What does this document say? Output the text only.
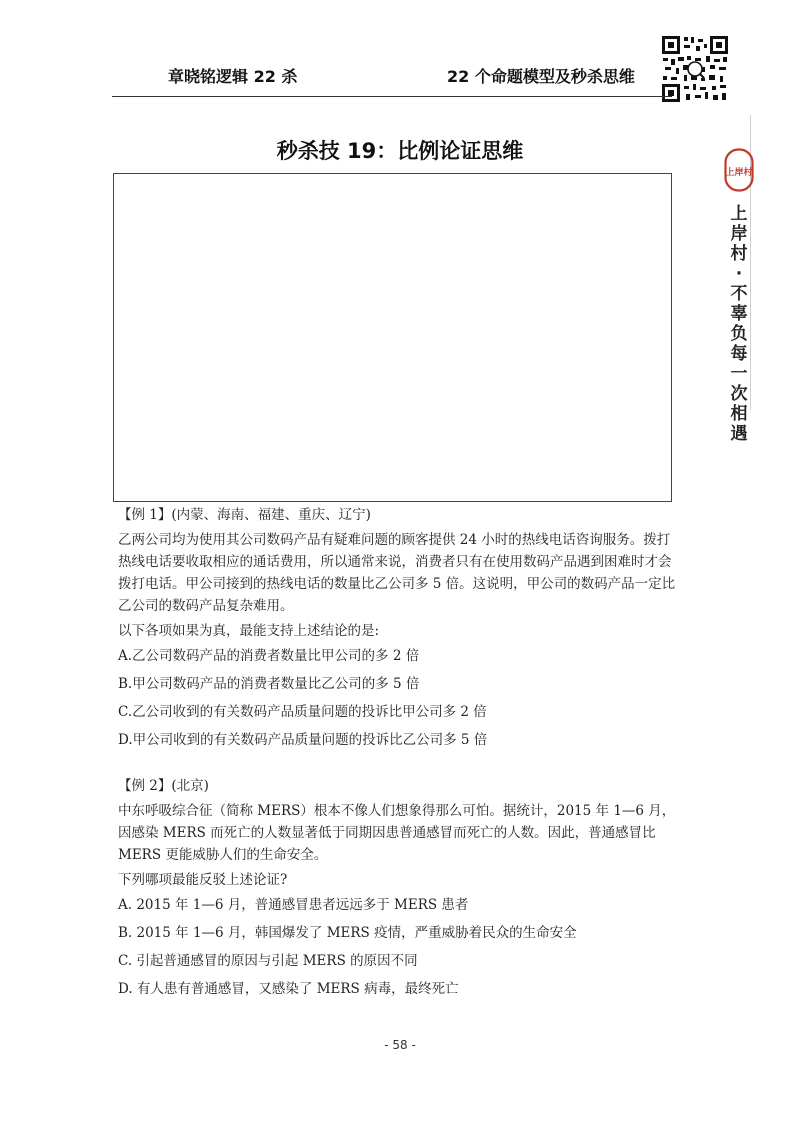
章晓铭逻辑 22 杀	22 个命题模型及秒杀思维
上岸村
上岸村·不辜负每一次相遇
秒杀技 19：比例论证思维

【例 1】(内蒙、海南、福建、重庆、辽宁)

乙两公司均为使用其公司数码产品有疑难问题的顾客提供 24 小时的热线电话咨询服务。拨打热线电话要收取相应的通话费用，所以通常来说，消费者只有在使用数码产品遇到困难时才会拨打电话。甲公司接到的热线电话的数量比乙公司多 5 倍。这说明，甲公司的数码产品一定比乙公司的数码产品复杂难用。

以下各项如果为真，最能支持上述结论的是:

A.乙公司数码产品的消费者数量比甲公司的多 2 倍

B.甲公司数码产品的消费者数量比乙公司的多 5 倍

C.乙公司收到的有关数码产品质量问题的投诉比甲公司多 2 倍

D.甲公司收到的有关数码产品质量问题的投诉比乙公司多 5 倍

【例 2】(北京)

中东呼吸综合征（简称 MERS）根本不像人们想象得那么可怕。据统计，2015 年 1—6 月，因感染 MERS 而死亡的人数显著低于同期因患普通感冒而死亡的人数。因此，普通感冒比 MERS 更能威胁人们的生命安全。

下列哪项最能反驳上述论证?

A. 2015 年 1—6 月，普通感冒患者远远多于 MERS 患者

B. 2015 年 1—6 月，韩国爆发了 MERS 疫情，严重威胁着民众的生命安全

C. 引起普通感冒的原因与引起 MERS 的原因不同

D. 有人患有普通感冒，又感染了 MERS 病毒，最终死亡

- 58 -
